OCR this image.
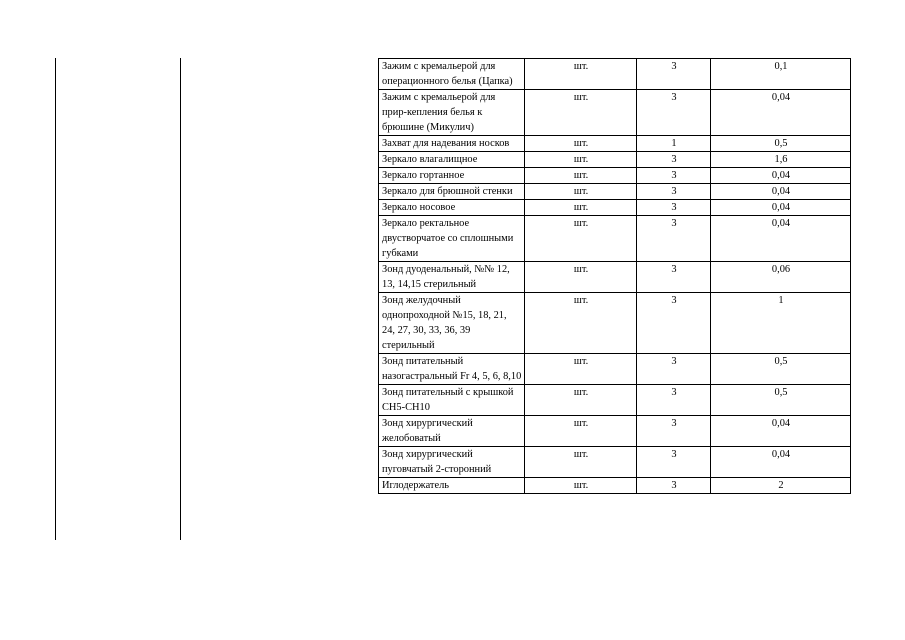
Зажим с кремальерой для операционного белья (Цапка)	шт.	3	0,1
Зажим с кремальерой для прир-кепления белья к брюшине (Микулич)	шт.	3	0,04
Захват для надевания носков	шт.	1	0,5
Зеркало влагалищное	шт.	3	1,6
Зеркало гортанное	шт.	3	0,04
Зеркало для брюшной стенки	шт.	3	0,04
Зеркало носовое	шт.	3	0,04
Зеркало ректальное двустворчатое со сплошными губками	шт.	3	0,04
Зонд дуоденальный, №№ 12, 13, 14,15 стерильный	шт.	3	0,06
Зонд желудочный однопроходной №15, 18, 21, 24, 27, 30, 33, 36, 39 стерильный	шт.	3	1
Зонд питательный назогастральный Fr 4, 5, 6, 8,10	шт.	3	0,5
Зонд питательный с крышкой CH5-CH10	шт.	3	0,5
Зонд хирургический желобоватый	шт.	3	0,04
Зонд хирургический пуговчатый 2-сторонний	шт.	3	0,04
Иглодержатель	шт.	3	2
